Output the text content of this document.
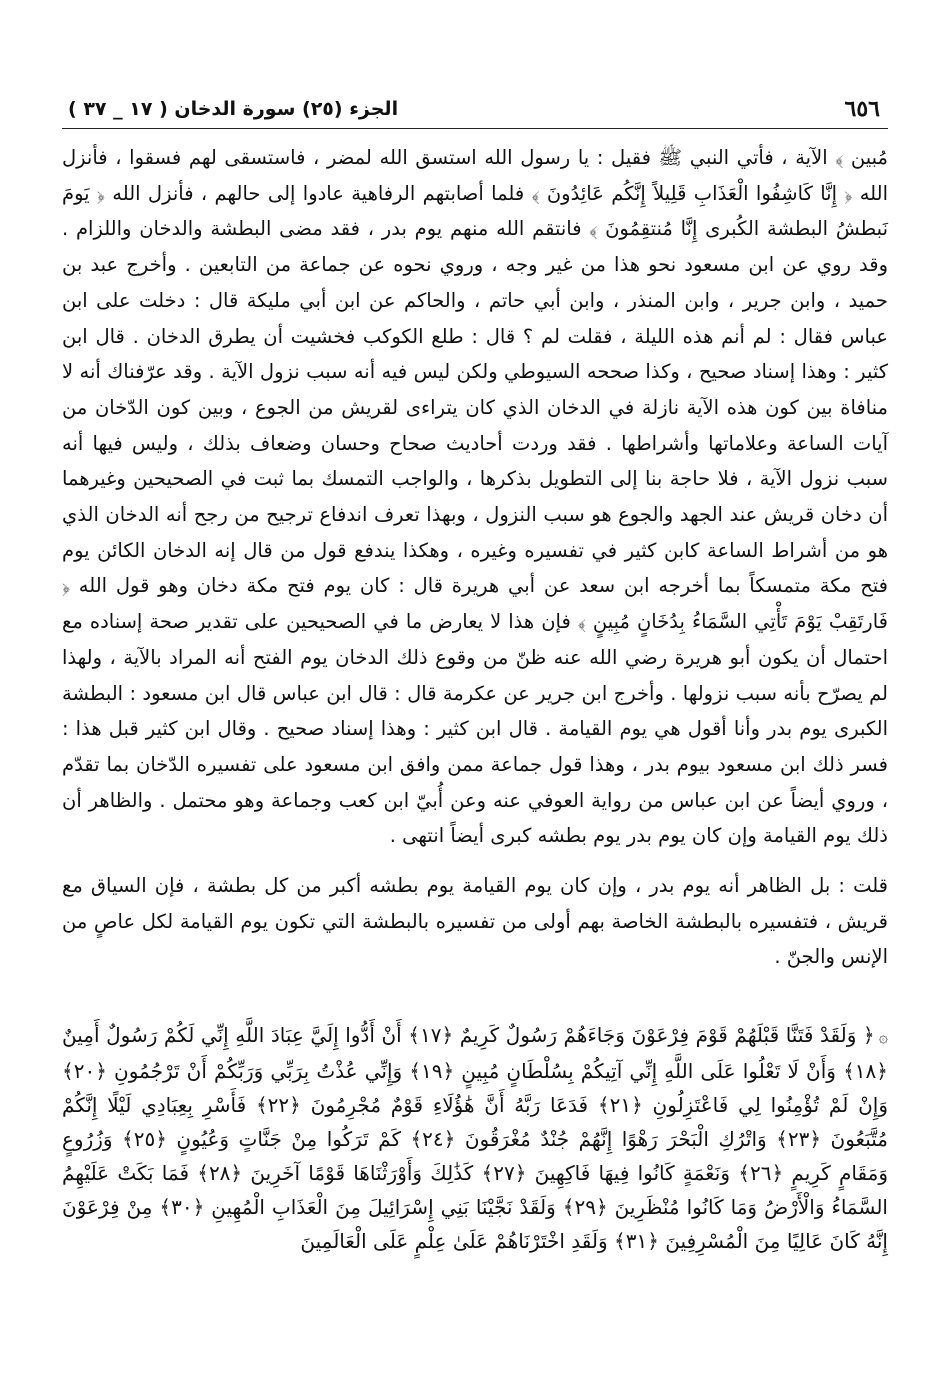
٦٥٦
الجزء (٢٥) سورة الدخان ( ١٧ _ ٣٧ )

مُبين ﴾ الآية ، فأتي النبي ﷺ فقيل : يا رسول الله استسق الله لمضر ، فاستسقى لهم فسقوا ، فأنزل الله ﴿ إِنَّا كَاشِفُوا الْعَذَابِ قَلِيلاً إِنَّكُم عَائِدُونَ ﴾ فلما أصابتهم الرفاهية عادوا إلى حالهم ، فأنزل الله ﴿ يَومَ نَبطشُ البطشة الكُبرى إِنَّا مُنتقِمُونَ ﴾ فانتقم الله منهم يوم بدر ، فقد مضى البطشة والدخان واللزام . وقد روي عن ابن مسعود نحو هذا من غير وجه ، وروي نحوه عن جماعة من التابعين . وأخرج عبد بن حميد ، وابن جرير ، وابن المنذر ، وابن أبي حاتم ، والحاكم عن ابن أبي مليكة قال : دخلت على ابن عباس فقال : لم أنم هذه الليلة ، فقلت لم ؟ قال : طلع الكوكب فخشيت أن يطرق الدخان . قال ابن كثير : وهذا إسناد صحيح ، وكذا صححه السيوطي ولكن ليس فيه أنه سبب نزول الآية . وقد عرّفناك أنه لا منافاة بين كون هذه الآية نازلة في الدخان الذي كان يتراءى لقريش من الجوع ، وبين كون الدّخان من آيات الساعة وعلاماتها وأشراطها . فقد وردت أحاديث صحاح وحسان وضعاف بذلك ، وليس فيها أنه سبب نزول الآية ، فلا حاجة بنا إلى التطويل بذكرها ، والواجب التمسك بما ثبت في الصحيحين وغيرهما أن دخان قريش عند الجهد والجوع هو سبب النزول ، وبهذا تعرف اندفاع ترجيح من رجح أنه الدخان الذي هو من أشراط الساعة كابن كثير في تفسيره وغيره ، وهكذا يندفع قول من قال إنه الدخان الكائن يوم فتح مكة متمسكاً بما أخرجه ابن سعد عن أبي هريرة قال : كان يوم فتح مكة دخان وهو قول الله ﴿ فَارتَقِبْ يَوْمَ تَأْتِي السَّمَاءُ بِدُخَانٍ مُبِينٍ ﴾ فإن هذا لا يعارض ما في الصحيحين على تقدير صحة إسناده مع احتمال أن يكون أبو هريرة رضي الله عنه ظنّ من وقوع ذلك الدخان يوم الفتح أنه المراد بالآية ، ولهذا لم يصرّح بأنه سبب نزولها . وأخرج ابن جرير عن عكرمة قال : قال ابن عباس قال ابن مسعود : البطشة الكبرى يوم بدر وأنا أقول هي يوم القيامة . قال ابن كثير : وهذا إسناد صحيح . وقال ابن كثير قبل هذا : فسر ذلك ابن مسعود بيوم بدر ، وهذا قول جماعة ممن وافق ابن مسعود على تفسيره الدّخان بما تقدّم ، وروي أيضاً عن ابن عباس من رواية العوفي عنه وعن أُبيّ ابن كعب وجماعة وهو محتمل . والظاهر أن ذلك يوم القيامة وإن كان يوم بدر يوم بطشه كبرى أيضاً انتهى .

قلت : بل الظاهر أنه يوم بدر ، وإن كان يوم القيامة يوم بطشه أكبر من كل بطشة ، فإن السياق مع قريش ، فتفسيره بالبطشة الخاصة بهم أولى من تفسيره بالبطشة التي تكون يوم القيامة لكل عاصٍ من الإنس والجنّ .

۞﴿ وَلَقَدْ فَتَنَّا قَبْلَهُمْ قَوْمَ فِرْعَوْنَ وَجَاءَهُمْ رَسُولٌ كَرِيمٌ ﴿١٧﴾ أَنْ أَدُّوا إِلَيَّ عِبَادَ اللَّهِ إِنِّي لَكُمْ رَسُولٌ أَمِينٌ ﴿١٨﴾ وَأَنْ لَا تَعْلُوا عَلَى اللَّهِ إِنِّي آتِيكُمْ بِسُلْطَانٍ مُبِينٍ ﴿١٩﴾ وَإِنِّي عُذْتُ بِرَبِّي وَرَبِّكُمْ أَنْ تَرْجُمُونِ ﴿٢٠﴾ وَإِنْ لَمْ تُؤْمِنُوا لِي فَاعْتَزِلُونِ ﴿٢١﴾ فَدَعَا رَبَّهُ أَنَّ هَٰؤُلَاءِ قَوْمٌ مُجْرِمُونَ ﴿٢٢﴾ فَأَسْرِ بِعِبَادِي لَيْلًا إِنَّكُمْ مُتَّبَعُونَ ﴿٢٣﴾ وَاتْرُكِ الْبَحْرَ رَهْوًا إِنَّهُمْ جُنْدٌ مُغْرَقُونَ ﴿٢٤﴾ كَمْ تَرَكُوا مِنْ جَنَّاتٍ وَعُيُونٍ ﴿٢٥﴾ وَزُرُوعٍ وَمَقَامٍ كَرِيمٍ ﴿٢٦﴾ وَنَعْمَةٍ كَانُوا فِيهَا فَاكِهِينَ ﴿٢٧﴾ كَذَٰلِكَ وَأَوْرَثْنَاهَا قَوْمًا آخَرِينَ ﴿٢٨﴾ فَمَا بَكَتْ عَلَيْهِمُ السَّمَاءُ وَالْأَرْضُ وَمَا كَانُوا مُنْظَرِينَ ﴿٢٩﴾ وَلَقَدْ نَجَّيْنَا بَنِي إِسْرَائِيلَ مِنَ الْعَذَابِ الْمُهِينِ ﴿٣٠﴾ مِنْ فِرْعَوْنَ إِنَّهُ كَانَ عَالِيًا مِنَ الْمُسْرِفِينَ ﴿٣١﴾ وَلَقَدِ اخْتَرْنَاهُمْ عَلَىٰ عِلْمٍ عَلَى الْعَالَمِينَ
